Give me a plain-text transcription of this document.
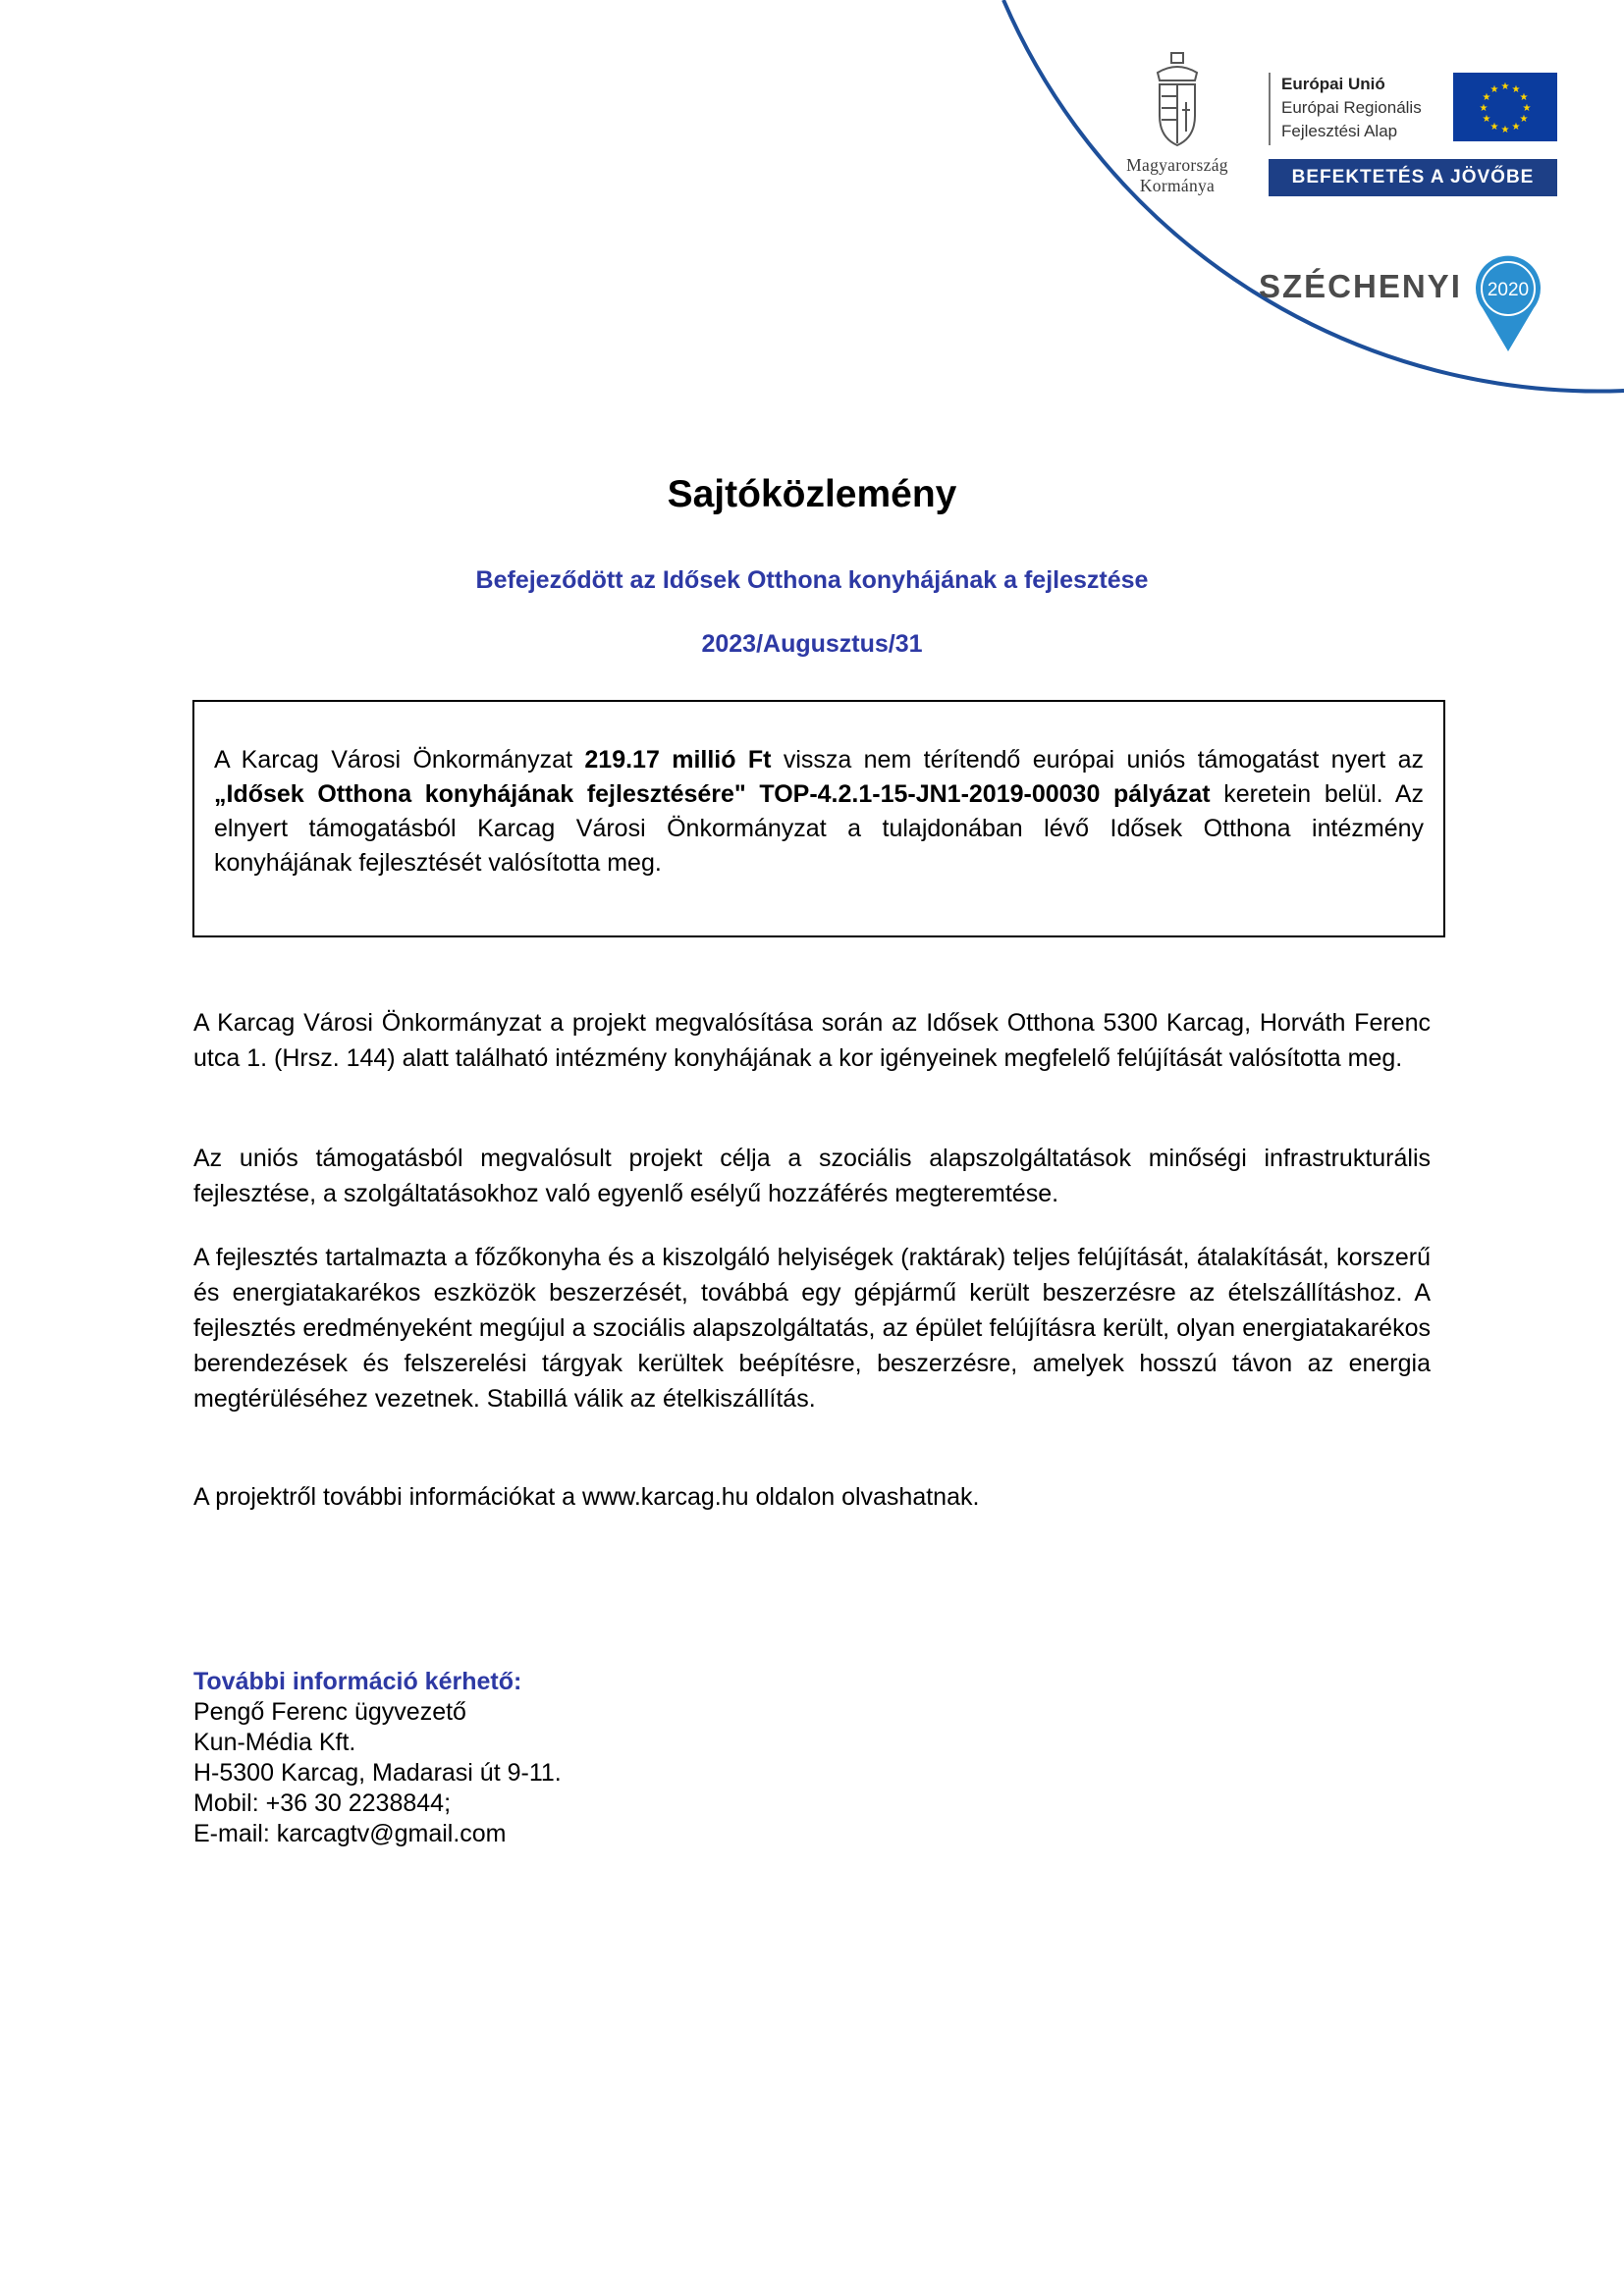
Magyarország
Kormánya
Európai Unió
Európai Regionális
Fejlesztési Alap
★ ★
★
★
★
★
★
★
★
★
★
★
BEFEKTETÉS A JÖVŐBE
SZÉCHENYI 2020
Sajtóközlemény
Befejeződött az Idősek Otthona konyhájának a fejlesztése
2023/Augusztus/31

A Karcag Városi Önkormányzat 219.17 millió Ft vissza nem térítendő európai uniós támogatást nyert az „Idősek Otthona konyhájának fejlesztésére" TOP-4.2.1-15-JN1-2019-00030 pályázat keretein belül. Az elnyert támogatásból Karcag Városi Önkormányzat a tulajdonában lévő Idősek Otthona intézmény konyhájának fejlesztését valósította meg.

A Karcag Városi Önkormányzat a projekt megvalósítása során az Idősek Otthona 5300 Karcag, Horváth Ferenc utca 1. (Hrsz. 144) alatt található intézmény konyhájának a kor igényeinek megfelelő felújítását valósította meg.

Az uniós támogatásból megvalósult projekt célja a szociális alapszolgáltatások minőségi infrastrukturális fejlesztése, a szolgáltatásokhoz való egyenlő esélyű hozzáférés megteremtése.

A fejlesztés tartalmazta a főzőkonyha és a kiszolgáló helyiségek (raktárak) teljes felújítását, átalakítását, korszerű és energiatakarékos eszközök beszerzését, továbbá egy gépjármű került beszerzésre az ételszállításhoz. A fejlesztés eredményeként megújul a szociális alapszolgáltatás, az épület felújításra került, olyan energiatakarékos berendezések és felszerelési tárgyak kerültek beépítésre, beszerzésre, amelyek hosszú távon az energia megtérüléséhez vezetnek. Stabillá válik az ételkiszállítás.

A projektről további információkat a www.karcag.hu oldalon olvashatnak.

További információ kérhető:
Pengő Ferenc ügyvezető
Kun-Média Kft.
H-5300 Karcag, Madarasi út 9-11.
Mobil: +36 30 2238844;
E-mail: karcagtv@gmail.com
